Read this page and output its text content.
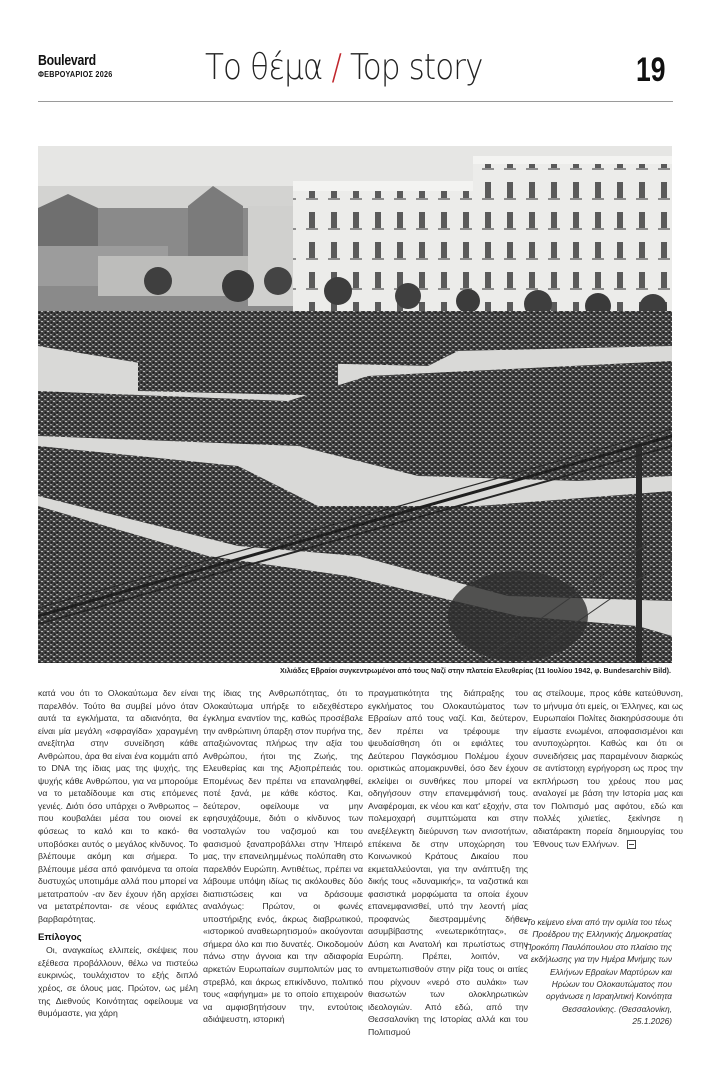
Boulevard
ΦΕΒΡΟΥΑΡΙΟΣ 2026	Το θέμα / Top story	19
Χιλιάδες Εβραίοι συγκεντρωμένοι από τους Ναζί στην πλατεία Ελευθερίας (11 Ιουλίου 1942, φ. Bundesarchiv Bild).

κατά νου ότι το Ολοκαύτωμα δεν είναι παρελθόν. Τούτο θα συμβεί μόνο όταν αυτά τα εγκλήματα, τα αδιανόητα, θα είναι μία μεγάλη «σφραγίδα» χαραγμένη ανεξίτηλα στην συνείδηση κάθε Ανθρώπου, άρα θα είναι ένα κομμάτι από το DNA της ίδιας μας της ψυχής, της ψυχής κάθε Ανθρώπου, για να μπορούμε να το μεταδίδουμε και στις επόμενες γενιές. Διότι όσο υπάρχει ο Άνθρωπος –που κουβαλάει μέσα του οιονεί εκ φύσεως το καλό και το κακό- θα υποβόσκει αυτός ο μεγάλος κίνδυνος. Το βλέπουμε ακόμη και σήμερα. Το βλέπουμε μέσα από φαινόμενα τα οποία δυστυχώς υποτιμάμε αλλά που μπορεί να μετατραπούν -αν δεν έχουν ήδη αρχίσει να μετατρέπονται- σε νέους εφιάλτες βαρβαρότητας.

Επίλογος

Οι, αναγκαίως ελλιπείς, σκέψεις που εξέθεσα προβάλλουν, θέλω να πιστεύω ευκρινώς, τουλάχιστον το εξής διπλό χρέος, σε όλους μας. Πρώτον, ως μέλη της Διεθνούς Κοινότητας οφείλουμε να θυμόμαστε, για χάρη

της ίδιας της Ανθρωπότητας, ότι το Ολοκαύτωμα υπήρξε το ειδεχθέστερο έγκλημα εναντίον της, καθώς προσέβαλε την ανθρώπινη ύπαρξη στον πυρήνα της, απαξιώνοντας πλήρως την αξία του Ανθρώπου, ήτοι της Ζωής, της Ελευθερίας και της Αξιοπρέπειάς του. Επομένως δεν πρέπει να επαναληφθεί, ποτέ ξανά, με κάθε κόστος. Και, δεύτερον, οφείλουμε να μην εφησυχάζουμε, διότι ο κίνδυνος των νοσταλγών του ναζισμού και του φασισμού ξαναπροβάλλει στην Ήπειρό μας, την επανειλημμένως πολύπαθη στο παρελθόν Ευρώπη. Αντιθέτως, πρέπει να λάβουμε υπόψη ιδίως τις ακόλουθες δύο διαπιστώσεις και να δράσουμε αναλόγως: Πρώτον, οι φωνές υποστήριξης ενός, άκρως διαβρωτικού, «ιστορικού αναθεωρητισμού» ακούγονται σήμερα όλο και πιο δυνατές. Οικοδομούν πάνω στην άγνοια και την αδιαφορία αρκετών Ευρωπαίων συμπολιτών μας το στρεβλό, και άκρως επικίνδυνο, πολιτικό τους «αφήγημα» με το οποίο επιχειρούν να αμφισβητήσουν την, εντούτοις αδιάψευστη, ιστορική

πραγματικότητα της διάπραξης του εγκλήματος του Ολοκαυτώματος των Εβραίων από τους ναζί. Και, δεύτερον, δεν πρέπει να τρέφουμε την ψευδαίσθηση ότι οι εφιάλτες του Δεύτερου Παγκόσμιου Πολέμου έχουν οριστικώς απομακρυνθεί, όσο δεν έχουν εκλείψει οι συνθήκες που μπορεί να οδηγήσουν στην επανεμφάνισή τους. Αναφέρομαι, εκ νέου και κατ' εξοχήν, στα πολεμοχαρή συμπτώματα και στην ανεξέλεγκτη διεύρυνση των ανισοτήτων, επέκεινα δε στην υποχώρηση του Κοινωνικού Κράτους Δικαίου που εκμεταλλεύονται, για την ανάπτυξη της δικής τους «δυναμικής», τα ναζιστικά και φασιστικά μορφώματα τα οποία έχουν επανεμφανισθεί, υπό την λεοντή μίας προφανώς διεστραμμένης δήθεν ασυμβίβαστης «νεωτερικότητας», σε Δύση και Ανατολή και πρωτίστως στην Ευρώπη. Πρέπει, λοιπόν, να αντιμετωπισθούν στην ρίζα τους οι αιτίες που ρίχνουν «νερό στο αυλάκι» των θιασωτών των ολοκληρωτικών ιδεολογιών. Από εδώ, από την Θεσσαλονίκη της Ιστορίας αλλά και του Πολιτισμού

ας στείλουμε, προς κάθε κατεύθυνση, το μήνυμα ότι εμείς, οι Έλληνες, και ως Ευρωπαίοι Πολίτες διακηρύσσουμε ότι είμαστε ενωμένοι, αποφασισμένοι και ανυποχώρητοι. Καθώς και ότι οι συνειδήσεις μας παραμένουν διαρκώς σε αντίστοιχη εγρήγορση ως προς την εκπλήρωση του χρέους που μας αναλογεί με βάση την Ιστορία μας και τον Πολιτισμό μας αφότου, εδώ και πολλές χιλιετίες, ξεκίνησε η αδιατάρακτη πορεία δημιουργίας του Έθνους των Ελλήνων.

*Το κείμενο είναι από την ομιλία του τέως Προέδρου της Ελληνικής Δημοκρατίας Προκόπη Παυλόπουλου στο πλαίσιο της εκδήλωσης για την Ημέρα Μνήμης των Ελλήνων Εβραίων Μαρτύρων και Ηρώων του Ολοκαυτώματος που οργάνωσε η Ισραηλιτική Κοινότητα Θεσσαλονίκης. (Θεσσαλονίκη, 25.1.2026)
